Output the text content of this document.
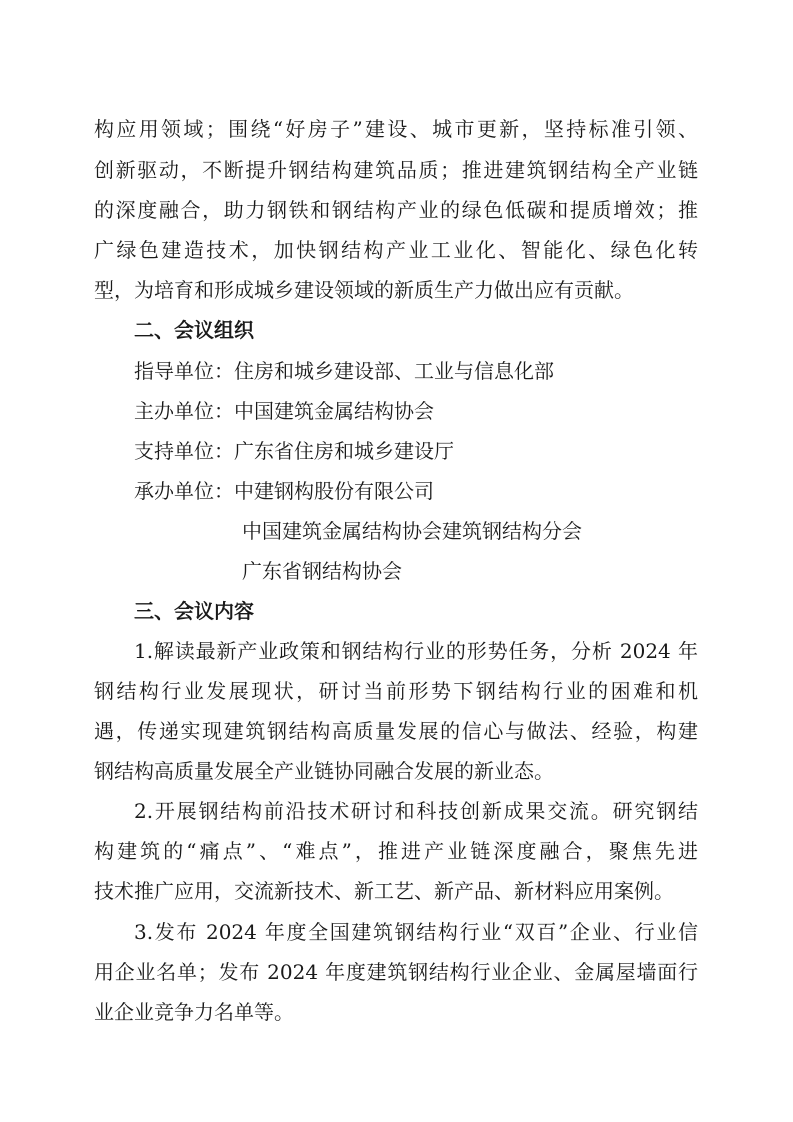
构应用领域；围绕“好房子”建设、城市更新，坚持标准引领、
创新驱动，不断提升钢结构建筑品质；推进建筑钢结构全产业链
的深度融合，助力钢铁和钢结构产业的绿色低碳和提质增效；推
广绿色建造技术，加快钢结构产业工业化、智能化、绿色化转
型，为培育和形成城乡建设领域的新质生产力做出应有贡献。
二、会议组织
指导单位：住房和城乡建设部、工业与信息化部
主办单位：中国建筑金属结构协会
支持单位：广东省住房和城乡建设厅
承办单位：中建钢构股份有限公司
中国建筑金属结构协会建筑钢结构分会
广东省钢结构协会
三、会议内容
1.解读最新产业政策和钢结构行业的形势任务，分析 2024 年
钢结构行业发展现状，研讨当前形势下钢结构行业的困难和机
遇，传递实现建筑钢结构高质量发展的信心与做法、经验，构建
钢结构高质量发展全产业链协同融合发展的新业态。
2.开展钢结构前沿技术研讨和科技创新成果交流。研究钢结
构建筑的“痛点”、“难点”，推进产业链深度融合，聚焦先进
技术推广应用，交流新技术、新工艺、新产品、新材料应用案例。
3.发布 2024 年度全国建筑钢结构行业“双百”企业、行业信
用企业名单；发布 2024 年度建筑钢结构行业企业、金属屋墙面行
业企业竞争力名单等。
